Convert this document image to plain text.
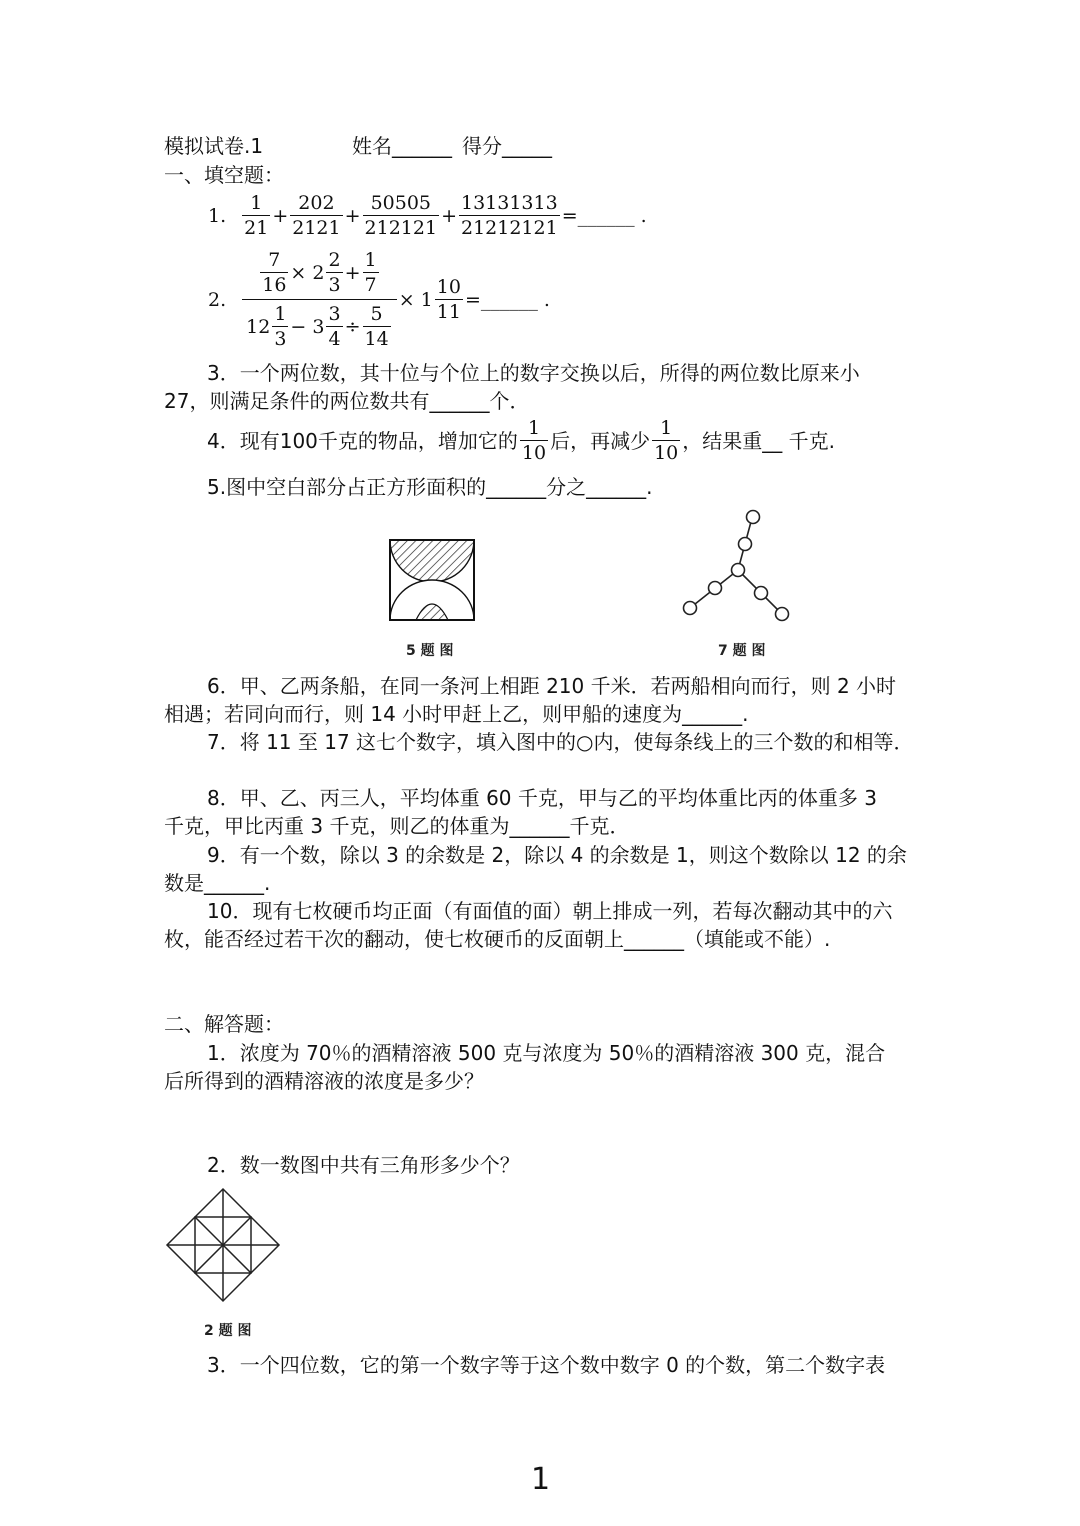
模拟试卷.1	姓名______ 得分_____
一、填空题：
1. $\frac{1}{21} + \frac{202}{2121} + \frac{50505}{212121} + \frac{13131313}{21212121}$ =______ .
2. $\frac{\frac{7}{16} \times 2 \frac{2}{3} + \frac{1}{7}}{12 \frac{1}{3} - 3 \frac{3}{4} \div \frac{5}{14}} \times 1 \frac{10}{11}$ =______ .
3．一个两位数，其十位与个位上的数字交换以后，所得的两位数比原来小
27，则满足条件的两位数共有______个．
4．现有100千克的物品，增加它的 $\frac{1}{10}$ 后，再减少 $\frac{1}{10}$ ，结果重__ 千克.
5.图中空白部分占正方形面积的______分之______.
5 题 图	7 题 图
6．甲、乙两条船，在同一条河上相距 210 千米．若两船相向而行，则 2 小时
相遇；若同向而行，则 14 小时甲赶上乙，则甲船的速度为______.
7．将 11 至 17 这七个数字，填入图中的○内，使每条线上的三个数的和相等．
8．甲、乙、丙三人，平均体重 60 千克，甲与乙的平均体重比丙的体重多 3
千克，甲比丙重 3 千克，则乙的体重为______千克．
9．有一个数，除以 3 的余数是 2，除以 4 的余数是 1，则这个数除以 12 的余
数是______.
10．现有七枚硬币均正面（有面值的面）朝上排成一列，若每次翻动其中的六
枚，能否经过若干次的翻动，使七枚硬币的反面朝上______（填能或不能）.
二、解答题：
1．浓度为 70％的酒精溶液 500 克与浓度为 50％的酒精溶液 300 克，混合
后所得到的酒精溶液的浓度是多少？
2．数一数图中共有三角形多少个？
2 题 图
3．一个四位数，它的第一个数字等于这个数中数字 0 的个数，第二个数字表
1
